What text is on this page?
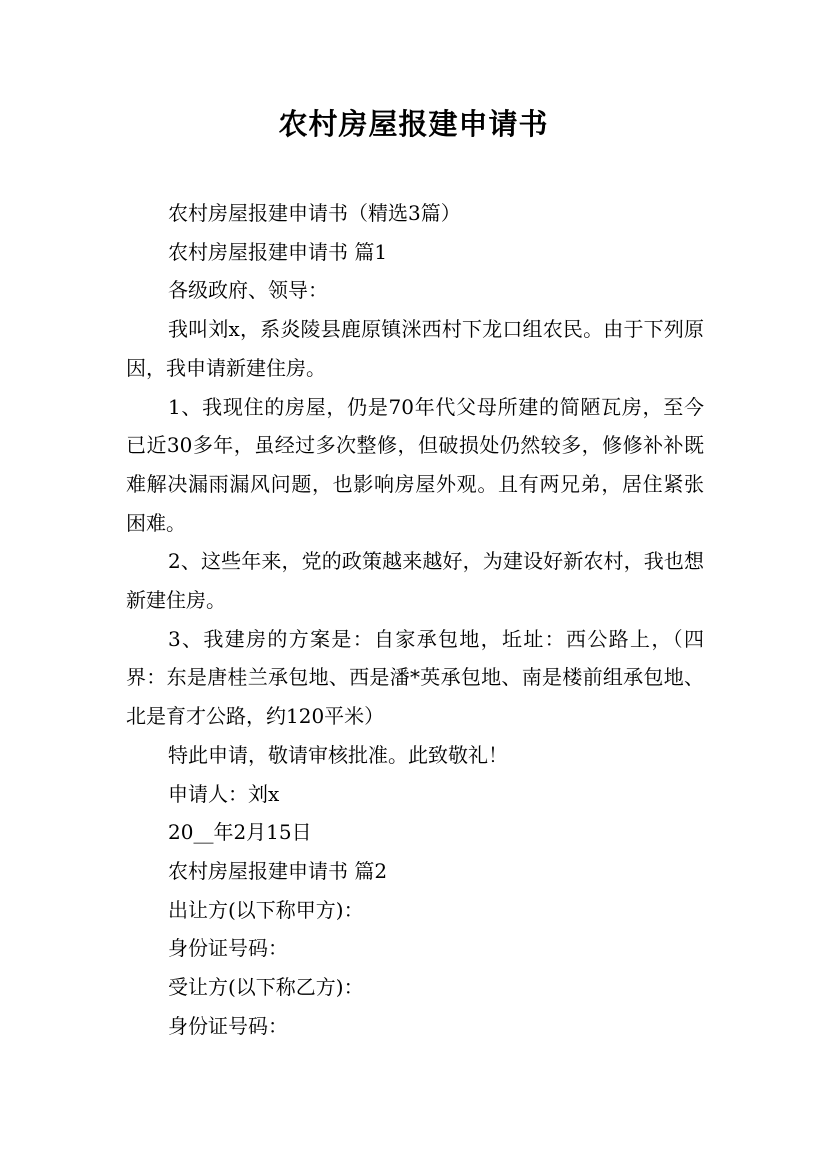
农村房屋报建申请书

农村房屋报建申请书（精选3篇）

农村房屋报建申请书 篇1

各级政府、领导：

我叫刘x，系炎陵县鹿原镇洣西村下龙口组农民。由于下列原因，我申请新建住房。

1、我现住的房屋，仍是70年代父母所建的简陋瓦房，至今已近30多年，虽经过多次整修，但破损处仍然较多，修修补补既难解决漏雨漏风问题，也影响房屋外观。且有两兄弟，居住紧张困难。

2、这些年来，党的政策越来越好，为建设好新农村，我也想新建住房。

3、我建房的方案是：自家承包地，坵址：西公路上，（四界：东是唐桂兰承包地、西是潘*英承包地、南是楼前组承包地、北是育才公路，约120平米）

特此申请，敬请审核批准。此致敬礼！

申请人：刘x

20__年2月15日

农村房屋报建申请书 篇2

出让方(以下称甲方)：

身份证号码：

受让方(以下称乙方)：

身份证号码：
